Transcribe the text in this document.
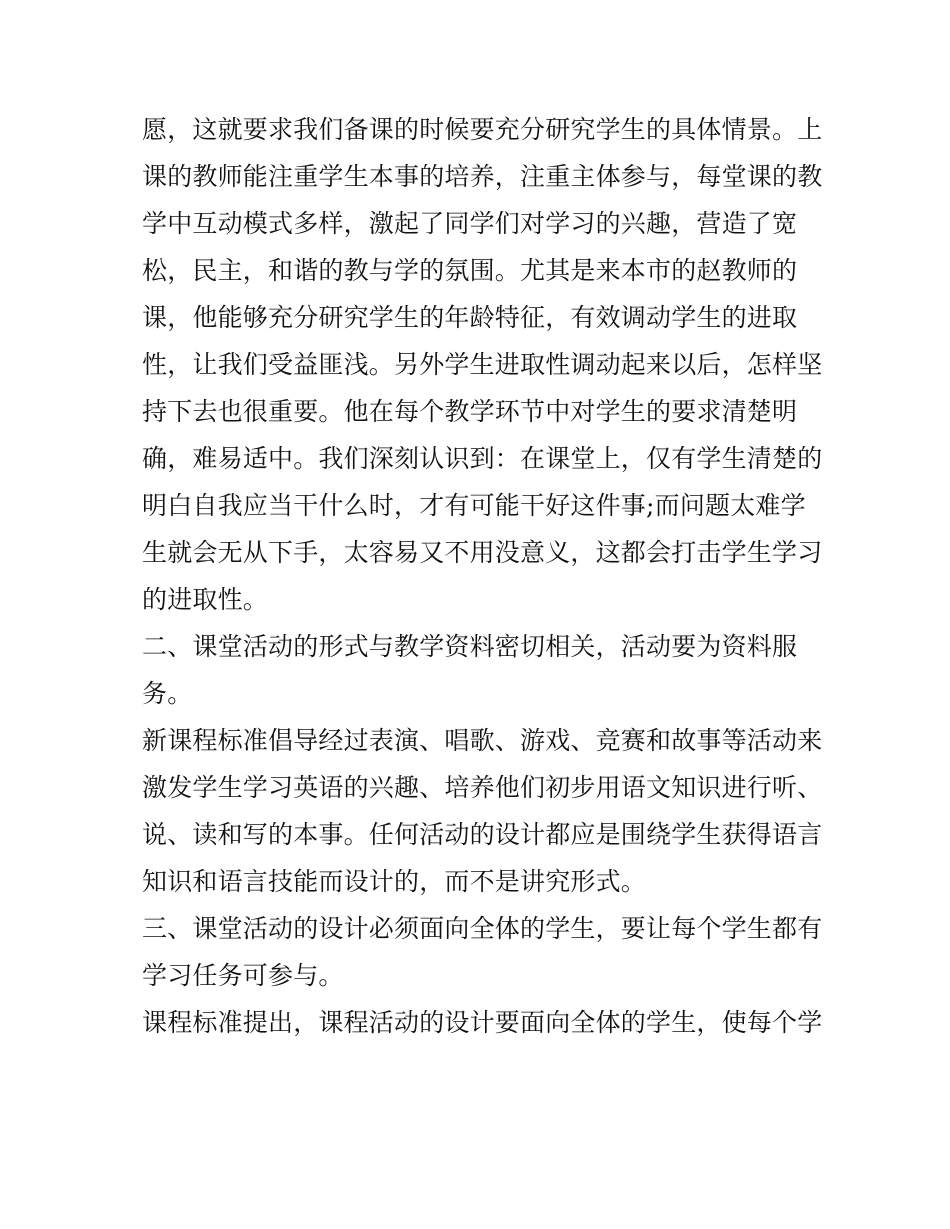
愿，这就要求我们备课的时候要充分研究学生的具体情景。上
课的教师能注重学生本事的培养，注重主体参与，每堂课的教
学中互动模式多样，激起了同学们对学习的兴趣，营造了宽
松，民主，和谐的教与学的氛围。尤其是来本市的赵教师的
课，他能够充分研究学生的年龄特征，有效调动学生的进取
性，让我们受益匪浅。另外学生进取性调动起来以后，怎样坚
持下去也很重要。他在每个教学环节中对学生的要求清楚明
确，难易适中。我们深刻认识到：在课堂上，仅有学生清楚的
明白自我应当干什么时，才有可能干好这件事;而问题太难学
生就会无从下手，太容易又不用没意义，这都会打击学生学习
的进取性。
二、课堂活动的形式与教学资料密切相关，活动要为资料服
务。
新课程标准倡导经过表演、唱歌、游戏、竞赛和故事等活动来
激发学生学习英语的兴趣、培养他们初步用语文知识进行听、
说、读和写的本事。任何活动的设计都应是围绕学生获得语言
知识和语言技能而设计的，而不是讲究形式。
三、课堂活动的设计必须面向全体的学生，要让每个学生都有
学习任务可参与。
课程标准提出，课程活动的设计要面向全体的学生，使每个学
